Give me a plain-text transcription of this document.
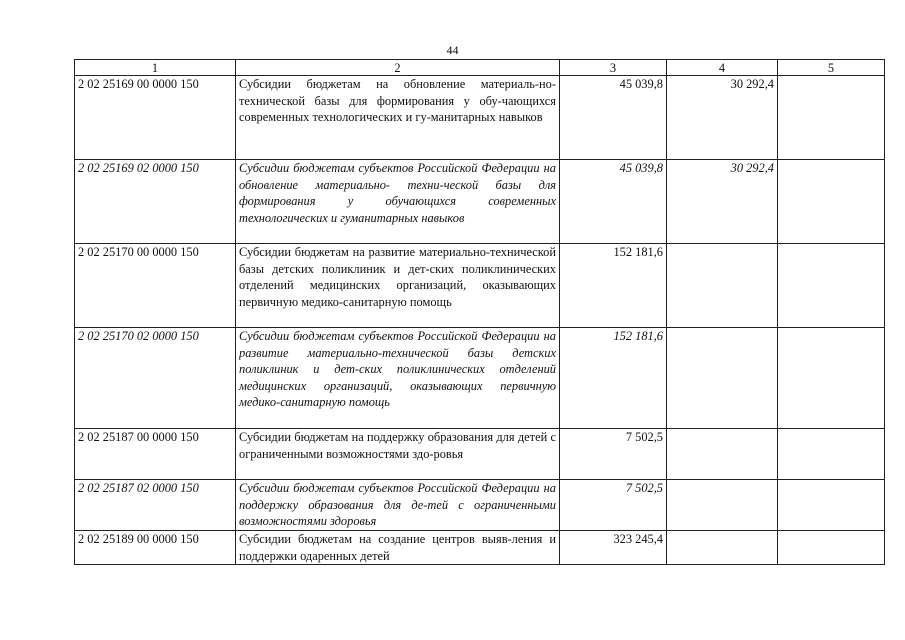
44
1	2	3	4	5
2 02 25169 00 0000 150	Субсидии бюджетам на обновление материаль-но-технической базы для формирования у обу-чающихся современных технологических и гу-манитарных навыков	45 039,8	30 292,4	
2 02 25169 02 0000 150	Субсидии бюджетам субъектов Российской Федерации на обновление материально- техни-ческой базы для формирования у обучающихся современных технологических и гуманитарных навыков	45 039,8	30 292,4	
2 02 25170 00 0000 150	Субсидии бюджетам на развитие материально-технической базы детских поликлиник и дет-ских поликлинических отделений медицинских организаций, оказывающих первичную медико-санитарную помощь	152 181,6		
2 02 25170 02 0000 150	Субсидии бюджетам субъектов Российской Федерации на развитие материально-технической базы детских поликлиник и дет-ских поликлинических отделений медицинских организаций, оказывающих первичную медико-санитарную помощь	152 181,6		
2 02 25187 00 0000 150	Субсидии бюджетам на поддержку образования для детей с ограниченными возможностями здо-ровья	7 502,5		
2 02 25187 02 0000 150	Субсидии бюджетам субъектов Российской Федерации на поддержку образования для де-тей с ограниченными возможностями здоровья	7 502,5		
2 02 25189 00 0000 150	Субсидии бюджетам на создание центров выяв-ления и поддержки одаренных детей	323 245,4		
